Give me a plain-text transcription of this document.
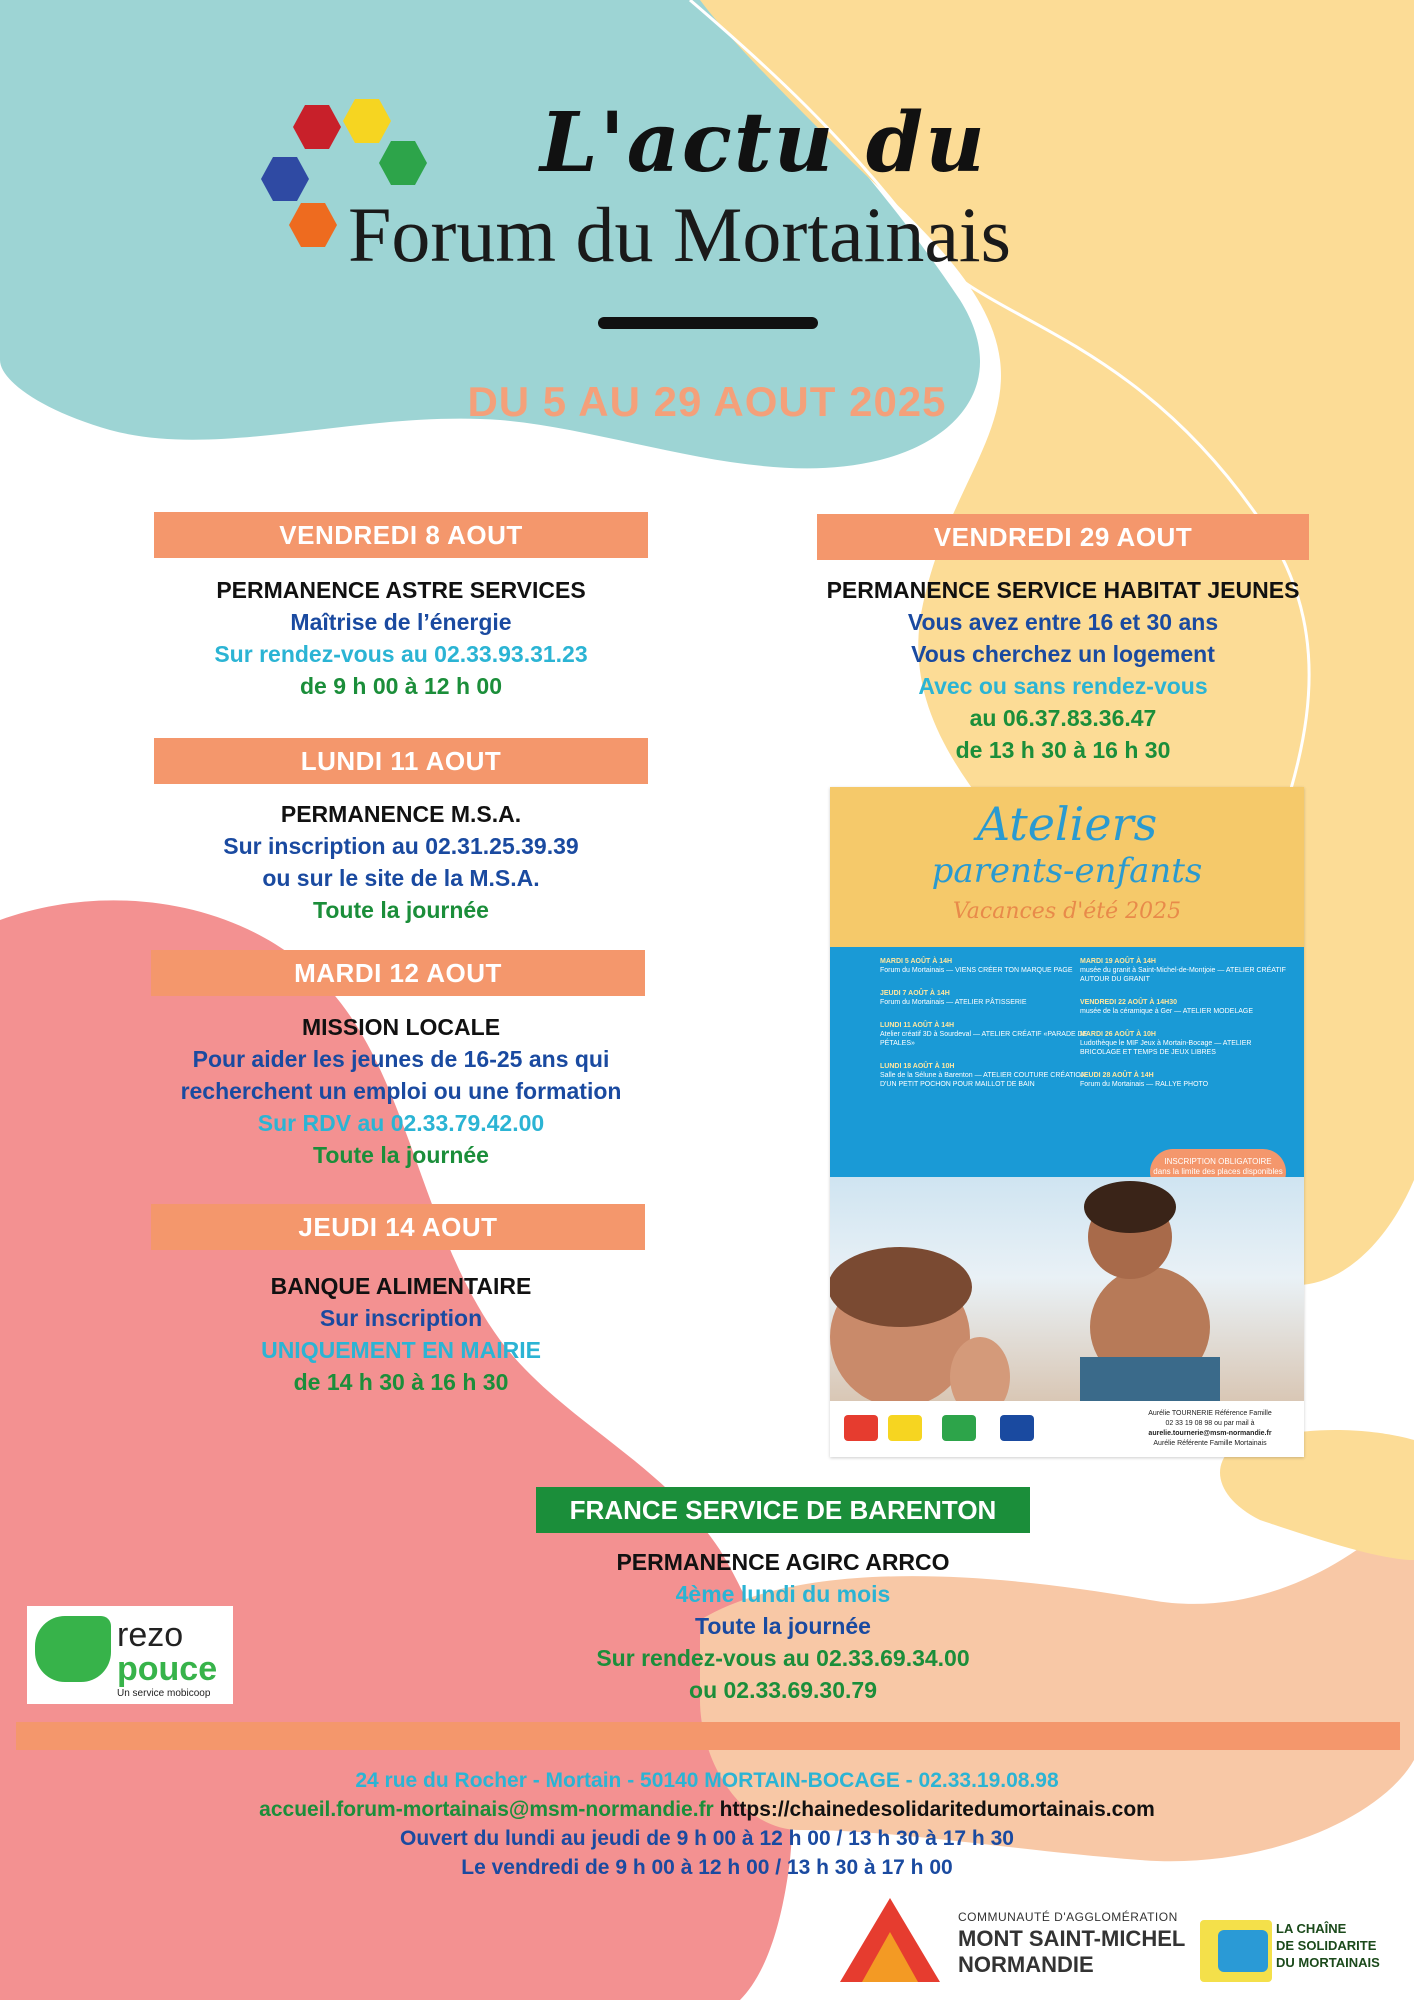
L'actu du
Forum du Mortainais
DU 5 AU 29 AOUT 2025
VENDREDI 8 AOUT
PERMANENCE ASTRE SERVICES
Maîtrise de l’énergie
Sur rendez-vous au 02.33.93.31.23
de 9 h 00 à 12 h 00
LUNDI 11 AOUT
PERMANENCE M.S.A.
Sur inscription au 02.31.25.39.39
ou sur le site de la M.S.A.
Toute la journée
MARDI 12 AOUT
MISSION LOCALE
Pour aider les jeunes de 16-25 ans qui
recherchent un emploi ou une formation
Sur RDV au 02.33.79.42.00
Toute la journée
JEUDI 14 AOUT
BANQUE ALIMENTAIRE
Sur inscription
UNIQUEMENT EN MAIRIE
de 14 h 30 à 16 h 30
VENDREDI 29 AOUT
PERMANENCE SERVICE HABITAT JEUNES
Vous avez entre 16 et 30 ans
Vous cherchez un logement
Avec ou sans rendez-vous
au 06.37.83.36.47
de 13 h 30 à 16 h 30
Ateliers
parents-enfants
Vacances d'été 2025
MARDI 5 AOÛT À 14H
Forum du Mortainais — VIENS CRÉER TON MARQUE PAGE
JEUDI 7 AOÛT À 14H
Forum du Mortainais — ATELIER PÂTISSERIE
LUNDI 11 AOÛT À 14H
Atelier créatif 3D à Sourdeval — ATELIER CRÉATIF «PARADE DE PÉTALES»
LUNDI 18 AOÛT À 10H
Salle de la Sélune à Barenton — ATELIER COUTURE CRÉATION D'UN PETIT POCHON POUR MAILLOT DE BAIN
MARDI 19 AOÛT À 14H
musée du granit à Saint-Michel-de-Montjoie — ATELIER CRÉATIF AUTOUR DU GRANIT
VENDREDI 22 AOÛT À 14H30
musée de la céramique à Ger — ATELIER MODELAGE
MARDI 26 AOÛT À 10H
Ludothèque le MIF Jeux à Mortain-Bocage — ATELIER BRICOLAGE ET TEMPS DE JEUX LIBRES
JEUDI 28 AOÛT À 14H
Forum du Mortainais — RALLYE PHOTO
INSCRIPTION OBLIGATOIRE
dans la limite des places disponibles
Aurélie TOURNERIE Référence Famille
02 33 19 08 98 ou par mail à
aurelie.tournerie@msm-normandie.fr
Aurélie Référente Famille Mortainais
FRANCE SERVICE DE BARENTON
PERMANENCE AGIRC ARRCO
4ème lundi du mois
Toute la journée
Sur rendez-vous au 02.33.69.34.00
ou 02.33.69.30.79
rezo
pouce
Un service mobicoop
24 rue du Rocher - Mortain - 50140 MORTAIN-BOCAGE - 02.33.19.08.98
accueil.forum-mortainais@msm-normandie.fr https://chainedesolidaritedumortainais.com
Ouvert du lundi au jeudi de 9 h 00 à 12 h 00 / 13 h 30 à 17 h 30
Le vendredi de 9 h 00 à 12 h 00 / 13 h 30 à 17 h 00
COMMUNAUTÉ D'AGGLOMÉRATION
MONT SAINT-MICHEL
NORMANDIE
LA CHAÎNE
DE SOLIDARITE
DU MORTAINAIS
